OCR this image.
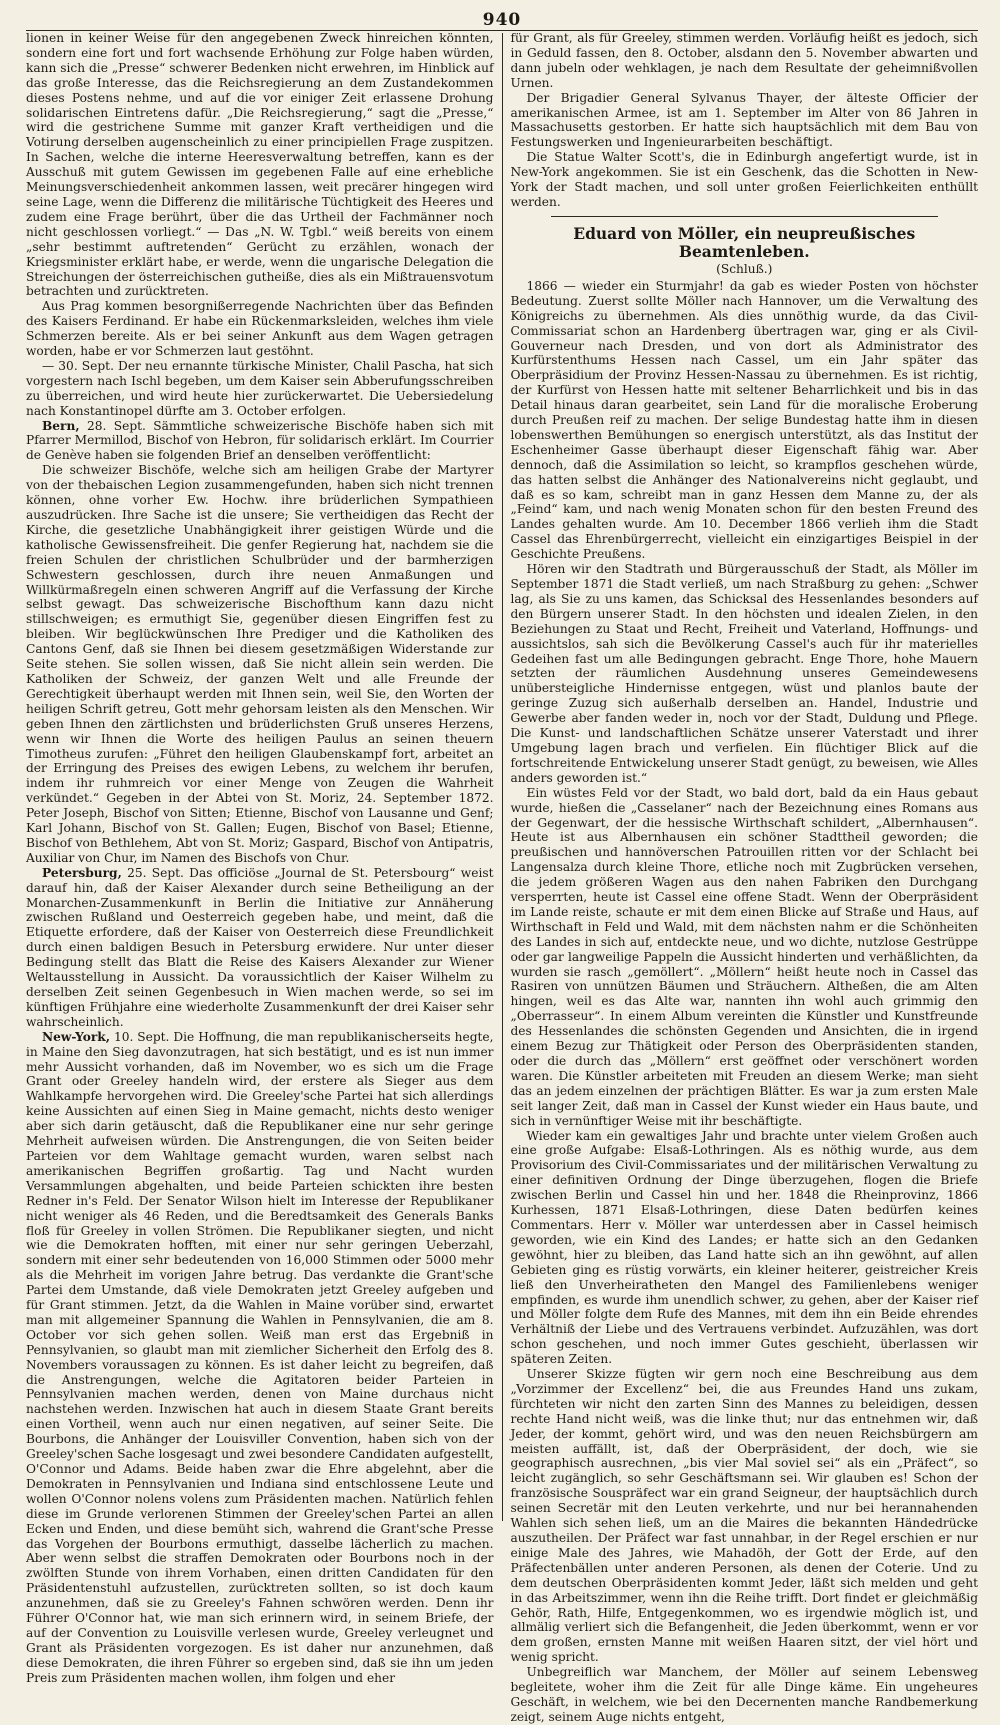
940

lionen in keiner Weise für den angegebenen Zweck hinreichen könnten, sondern eine fort und fort wachsende Erhöhung zur Folge haben würden, kann sich die „Presse“ schwerer Bedenken nicht erwehren, im Hinblick auf das große Interesse, das die Reichsregierung an dem Zustandekommen dieses Postens nehme, und auf die vor einiger Zeit erlassene Drohung solidarischen Eintretens dafür. „Die Reichsregierung,“ sagt die „Presse,“ wird die gestrichene Summe mit ganzer Kraft vertheidigen und die Votirung derselben augenscheinlich zu einer principiellen Frage zuspitzen. In Sachen, welche die interne Heeresverwaltung betreffen, kann es der Ausschuß mit gutem Gewissen im gegebenen Falle auf eine erhebliche Meinungsverschiedenheit ankommen lassen, weit precärer hingegen wird seine Lage, wenn die Differenz die militärische Tüchtigkeit des Heeres und zudem eine Frage berührt, über die das Urtheil der Fachmänner noch nicht geschlossen vorliegt.“ — Das „N. W. Tgbl.“ weiß bereits von einem „sehr bestimmt auftretenden“ Gerücht zu erzählen, wonach der Kriegsminister erklärt habe, er werde, wenn die ungarische Delegation die Streichungen der österreichischen gutheiße, dies als ein Mißtrauensvotum betrachten und zurücktreten.

Aus Prag kommen besorgnißerregende Nachrichten über das Befinden des Kaisers Ferdinand. Er habe ein Rückenmarksleiden, welches ihm viele Schmerzen bereite. Als er bei seiner Ankunft aus dem Wagen getragen worden, habe er vor Schmerzen laut gestöhnt.

— 30. Sept. Der neu ernannte türkische Minister, Chalil Pascha, hat sich vorgestern nach Ischl begeben, um dem Kaiser sein Abberufungsschreiben zu überreichen, und wird heute hier zurückerwartet. Die Uebersiedelung nach Konstantinopel dürfte am 3. October erfolgen.

Bern, 28. Sept. Sämmtliche schweizerische Bischöfe haben sich mit Pfarrer Mermillod, Bischof von Hebron, für solidarisch erklärt. Im Courrier de Genève haben sie folgenden Brief an denselben veröffentlicht:

Die schweizer Bischöfe, welche sich am heiligen Grabe der Martyrer von der thebaischen Legion zusammengefunden, haben sich nicht trennen können, ohne vorher Ew. Hochw. ihre brüderlichen Sympathieen auszudrücken. Ihre Sache ist die unsere; Sie vertheidigen das Recht der Kirche, die gesetzliche Unabhängigkeit ihrer geistigen Würde und die katholische Gewissensfreiheit. Die genfer Regierung hat, nachdem sie die freien Schulen der christlichen Schulbrüder und der barmherzigen Schwestern geschlossen, durch ihre neuen Anmaßungen und Willkürmaßregeln einen schweren Angriff auf die Verfassung der Kirche selbst gewagt. Das schweizerische Bischofthum kann dazu nicht stillschweigen; es ermuthigt Sie, gegenüber diesen Eingriffen fest zu bleiben. Wir beglückwünschen Ihre Prediger und die Katholiken des Cantons Genf, daß sie Ihnen bei diesem gesetzmäßigen Widerstande zur Seite stehen. Sie sollen wissen, daß Sie nicht allein sein werden. Die Katholiken der Schweiz, der ganzen Welt und alle Freunde der Gerechtigkeit überhaupt werden mit Ihnen sein, weil Sie, den Worten der heiligen Schrift getreu, Gott mehr gehorsam leisten als den Menschen. Wir geben Ihnen den zärtlichsten und brüderlichsten Gruß unseres Herzens, wenn wir Ihnen die Worte des heiligen Paulus an seinen theuern Timotheus zurufen: „Führet den heiligen Glaubenskampf fort, arbeitet an der Erringung des Preises des ewigen Lebens, zu welchem ihr berufen, indem ihr ruhmreich vor einer Menge von Zeugen die Wahrheit verkündet.“ Gegeben in der Abtei von St. Moriz, 24. September 1872. Peter Joseph, Bischof von Sitten; Etienne, Bischof von Lausanne und Genf; Karl Johann, Bischof von St. Gallen; Eugen, Bischof von Basel; Etienne, Bischof von Bethlehem, Abt von St. Moriz; Gaspard, Bischof von Antipatris, Auxiliar von Chur, im Namen des Bischofs von Chur.

Petersburg, 25. Sept. Das officiöse „Journal de St. Petersbourg“ weist darauf hin, daß der Kaiser Alexander durch seine Betheiligung an der Monarchen-Zusammenkunft in Berlin die Initiative zur Annäherung zwischen Rußland und Oesterreich gegeben habe, und meint, daß die Etiquette erfordere, daß der Kaiser von Oesterreich diese Freundlichkeit durch einen baldigen Besuch in Petersburg erwidere. Nur unter dieser Bedingung stellt das Blatt die Reise des Kaisers Alexander zur Wiener Weltausstellung in Aussicht. Da voraussichtlich der Kaiser Wilhelm zu derselben Zeit seinen Gegenbesuch in Wien machen werde, so sei im künftigen Frühjahre eine wiederholte Zusammenkunft der drei Kaiser sehr wahrscheinlich.

New-York, 10. Sept. Die Hoffnung, die man republikanischerseits hegte, in Maine den Sieg davonzutragen, hat sich bestätigt, und es ist nun immer mehr Aussicht vorhanden, daß im November, wo es sich um die Frage Grant oder Greeley handeln wird, der erstere als Sieger aus dem Wahlkampfe hervorgehen wird. Die Greeley'sche Partei hat sich allerdings keine Aussichten auf einen Sieg in Maine gemacht, nichts desto weniger aber sich darin getäuscht, daß die Republikaner eine nur sehr geringe Mehrheit aufweisen würden. Die Anstrengungen, die von Seiten beider Parteien vor dem Wahltage gemacht wurden, waren selbst nach amerikanischen Begriffen großartig. Tag und Nacht wurden Versammlungen abgehalten, und beide Parteien schickten ihre besten Redner in's Feld. Der Senator Wilson hielt im Interesse der Republikaner nicht weniger als 46 Reden, und die Beredtsamkeit des Generals Banks floß für Greeley in vollen Strömen. Die Republikaner siegten, und nicht wie die Demokraten hofften, mit einer nur sehr geringen Ueberzahl, sondern mit einer sehr bedeutenden von 16,000 Stimmen oder 5000 mehr als die Mehrheit im vorigen Jahre betrug. Das verdankte die Grant'sche Partei dem Umstande, daß viele Demokraten jetzt Greeley aufgeben und für Grant stimmen. Jetzt, da die Wahlen in Maine vorüber sind, erwartet man mit allgemeiner Spannung die Wahlen in Pennsylvanien, die am 8. October vor sich gehen sollen. Weiß man erst das Ergebniß in Pennsylvanien, so glaubt man mit ziemlicher Sicherheit den Erfolg des 8. Novembers voraussagen zu können. Es ist daher leicht zu begreifen, daß die Anstrengungen, welche die Agitatoren beider Parteien in Pennsylvanien machen werden, denen von Maine durchaus nicht nachstehen werden. Inzwischen hat auch in diesem Staate Grant bereits einen Vortheil, wenn auch nur einen negativen, auf seiner Seite. Die Bourbons, die Anhänger der Louisviller Convention, haben sich von der Greeley'schen Sache losgesagt und zwei besondere Candidaten aufgestellt, O'Connor und Adams. Beide haben zwar die Ehre abgelehnt, aber die Demokraten in Pennsylvanien und Indiana sind entschlossene Leute und wollen O'Connor nolens volens zum Präsidenten machen. Natürlich fehlen diese im Grunde verlorenen Stimmen der Greeley'schen Partei an allen Ecken und Enden, und diese bemüht sich, wahrend die Grant'sche Presse das Vorgehen der Bourbons ermuthigt, dasselbe lächerlich zu machen. Aber wenn selbst die straffen Demokraten oder Bourbons noch in der zwölften Stunde von ihrem Vorhaben, einen dritten Candidaten für den Präsidentenstuhl aufzustellen, zurücktreten sollten, so ist doch kaum anzunehmen, daß sie zu Greeley's Fahnen schwören werden. Denn ihr Führer O'Connor hat, wie man sich erinnern wird, in seinem Briefe, der auf der Convention zu Louisville verlesen wurde, Greeley verleugnet und Grant als Präsidenten vorgezogen. Es ist daher nur anzunehmen, daß diese Demokraten, die ihren Führer so ergeben sind, daß sie ihn um jeden Preis zum Präsidenten machen wollen, ihm folgen und eher

für Grant, als für Greeley, stimmen werden. Vorläufig heißt es jedoch, sich in Geduld fassen, den 8. October, alsdann den 5. November abwarten und dann jubeln oder wehklagen, je nach dem Resultate der geheimnißvollen Urnen.

Der Brigadier General Sylvanus Thayer, der älteste Officier der amerikanischen Armee, ist am 1. September im Alter von 86 Jahren in Massachusetts gestorben. Er hatte sich hauptsächlich mit dem Bau von Festungswerken und Ingenieurarbeiten beschäftigt.

Die Statue Walter Scott's, die in Edinburgh angefertigt wurde, ist in New-York angekommen. Sie ist ein Geschenk, das die Schotten in New-York der Stadt machen, und soll unter großen Feierlichkeiten enthüllt werden.

Eduard von Möller, ein neupreußisches Beamtenleben.
(Schluß.)

1866 — wieder ein Sturmjahr! da gab es wieder Posten von höchster Bedeutung. Zuerst sollte Möller nach Hannover, um die Verwaltung des Königreichs zu übernehmen. Als dies unnöthig wurde, da das Civil-Commissariat schon an Hardenberg übertragen war, ging er als Civil-Gouverneur nach Dresden, und von dort als Administrator des Kurfürstenthums Hessen nach Cassel, um ein Jahr später das Oberpräsidium der Provinz Hessen-Nassau zu übernehmen. Es ist richtig, der Kurfürst von Hessen hatte mit seltener Beharrlichkeit und bis in das Detail hinaus daran gearbeitet, sein Land für die moralische Eroberung durch Preußen reif zu machen. Der selige Bundestag hatte ihm in diesen lobenswerthen Bemühungen so energisch unterstützt, als das Institut der Eschenheimer Gasse überhaupt dieser Eigenschaft fähig war. Aber dennoch, daß die Assimilation so leicht, so krampflos geschehen würde, das hatten selbst die Anhänger des Nationalvereins nicht geglaubt, und daß es so kam, schreibt man in ganz Hessen dem Manne zu, der als „Feind“ kam, und nach wenig Monaten schon für den besten Freund des Landes gehalten wurde. Am 10. December 1866 verlieh ihm die Stadt Cassel das Ehrenbürgerrecht, vielleicht ein einzigartiges Beispiel in der Geschichte Preußens.

Hören wir den Stadtrath und Bürgerausschuß der Stadt, als Möller im September 1871 die Stadt verließ, um nach Straßburg zu gehen: „Schwer lag, als Sie zu uns kamen, das Schicksal des Hessenlandes besonders auf den Bürgern unserer Stadt. In den höchsten und idealen Zielen, in den Beziehungen zu Staat und Recht, Freiheit und Vaterland, Hoffnungs- und aussichtslos, sah sich die Bevölkerung Cassel's auch für ihr materielles Gedeihen fast um alle Bedingungen gebracht. Enge Thore, hohe Mauern setzten der räumlichen Ausdehnung unseres Gemeindewesens unübersteigliche Hindernisse entgegen, wüst und planlos baute der geringe Zuzug sich außerhalb derselben an. Handel, Industrie und Gewerbe aber fanden weder in, noch vor der Stadt, Duldung und Pflege. Die Kunst- und landschaftlichen Schätze unserer Vaterstadt und ihrer Umgebung lagen brach und verfielen. Ein flüchtiger Blick auf die fortschreitende Entwickelung unserer Stadt genügt, zu beweisen, wie Alles anders geworden ist.“

Ein wüstes Feld vor der Stadt, wo bald dort, bald da ein Haus gebaut wurde, hießen die „Casselaner“ nach der Bezeichnung eines Romans aus der Gegenwart, der die hessische Wirthschaft schildert, „Albernhausen“. Heute ist aus Albernhausen ein schöner Stadttheil geworden; die preußischen und hannöverschen Patrouillen ritten vor der Schlacht bei Langensalza durch kleine Thore, etliche noch mit Zugbrücken versehen, die jedem größeren Wagen aus den nahen Fabriken den Durchgang versperrten, heute ist Cassel eine offene Stadt. Wenn der Oberpräsident im Lande reiste, schaute er mit dem einen Blicke auf Straße und Haus, auf Wirthschaft in Feld und Wald, mit dem nächsten nahm er die Schönheiten des Landes in sich auf, entdeckte neue, und wo dichte, nutzlose Gestrüppe oder gar langweilige Pappeln die Aussicht hinderten und verhäßlichten, da wurden sie rasch „gemöllert“. „Möllern“ heißt heute noch in Cassel das Rasiren von unnützen Bäumen und Sträuchern. Altheßen, die am Alten hingen, weil es das Alte war, nannten ihn wohl auch grimmig den „Oberrasseur“. In einem Album vereinten die Künstler und Kunstfreunde des Hessenlandes die schönsten Gegenden und Ansichten, die in irgend einem Bezug zur Thätigkeit oder Person des Oberpräsidenten standen, oder die durch das „Möllern“ erst geöffnet oder verschönert worden waren. Die Künstler arbeiteten mit Freuden an diesem Werke; man sieht das an jedem einzelnen der prächtigen Blätter. Es war ja zum ersten Male seit langer Zeit, daß man in Cassel der Kunst wieder ein Haus baute, und sich in vernünftiger Weise mit ihr beschäftigte.

Wieder kam ein gewaltiges Jahr und brachte unter vielem Großen auch eine große Aufgabe: Elsaß-Lothringen. Als es nöthig wurde, aus dem Provisorium des Civil-Commissariates und der militärischen Verwaltung zu einer definitiven Ordnung der Dinge überzugehen, flogen die Briefe zwischen Berlin und Cassel hin und her. 1848 die Rheinprovinz, 1866 Kurhessen, 1871 Elsaß-Lothringen, diese Daten bedürfen keines Commentars. Herr v. Möller war unterdessen aber in Cassel heimisch geworden, wie ein Kind des Landes; er hatte sich an den Gedanken gewöhnt, hier zu bleiben, das Land hatte sich an ihn gewöhnt, auf allen Gebieten ging es rüstig vorwärts, ein kleiner heiterer, geistreicher Kreis ließ den Unverheiratheten den Mangel des Familienlebens weniger empfinden, es wurde ihm unendlich schwer, zu gehen, aber der Kaiser rief und Möller folgte dem Rufe des Mannes, mit dem ihn ein Beide ehrendes Verhältniß der Liebe und des Vertrauens verbindet. Aufzuzählen, was dort schon geschehen, und noch immer Gutes geschieht, überlassen wir späteren Zeiten.

Unserer Skizze fügten wir gern noch eine Beschreibung aus dem „Vorzimmer der Excellenz“ bei, die aus Freundes Hand uns zukam, fürchteten wir nicht den zarten Sinn des Mannes zu beleidigen, dessen rechte Hand nicht weiß, was die linke thut; nur das entnehmen wir, daß Jeder, der kommt, gehört wird, und was den neuen Reichsbürgern am meisten auffällt, ist, daß der Oberpräsident, der doch, wie sie geographisch ausrechnen, „bis vier Mal soviel sei“ als ein „Präfect“, so leicht zugänglich, so sehr Geschäftsmann sei. Wir glauben es! Schon der französische Souspräfect war ein grand Seigneur, der hauptsächlich durch seinen Secretär mit den Leuten verkehrte, und nur bei herannahenden Wahlen sich sehen ließ, um an die Maires die bekannten Händedrücke auszutheilen. Der Präfect war fast unnahbar, in der Regel erschien er nur einige Male des Jahres, wie Mahadöh, der Gott der Erde, auf den Präfectenbällen unter anderen Personen, als denen der Coterie. Und zu dem deutschen Oberpräsidenten kommt Jeder, läßt sich melden und geht in das Arbeitszimmer, wenn ihn die Reihe trifft. Dort findet er gleichmäßig Gehör, Rath, Hilfe, Entgegenkommen, wo es irgendwie möglich ist, und allmälig verliert sich die Befangenheit, die Jeden überkommt, wenn er vor dem großen, ernsten Manne mit weißen Haaren sitzt, der viel hört und wenig spricht.

Unbegreiflich war Manchem, der Möller auf seinem Lebensweg begleitete, woher ihm die Zeit für alle Dinge käme. Ein ungeheures Geschäft, in welchem, wie bei den Decernenten manche Randbemerkung zeigt, seinem Auge nichts entgeht,
